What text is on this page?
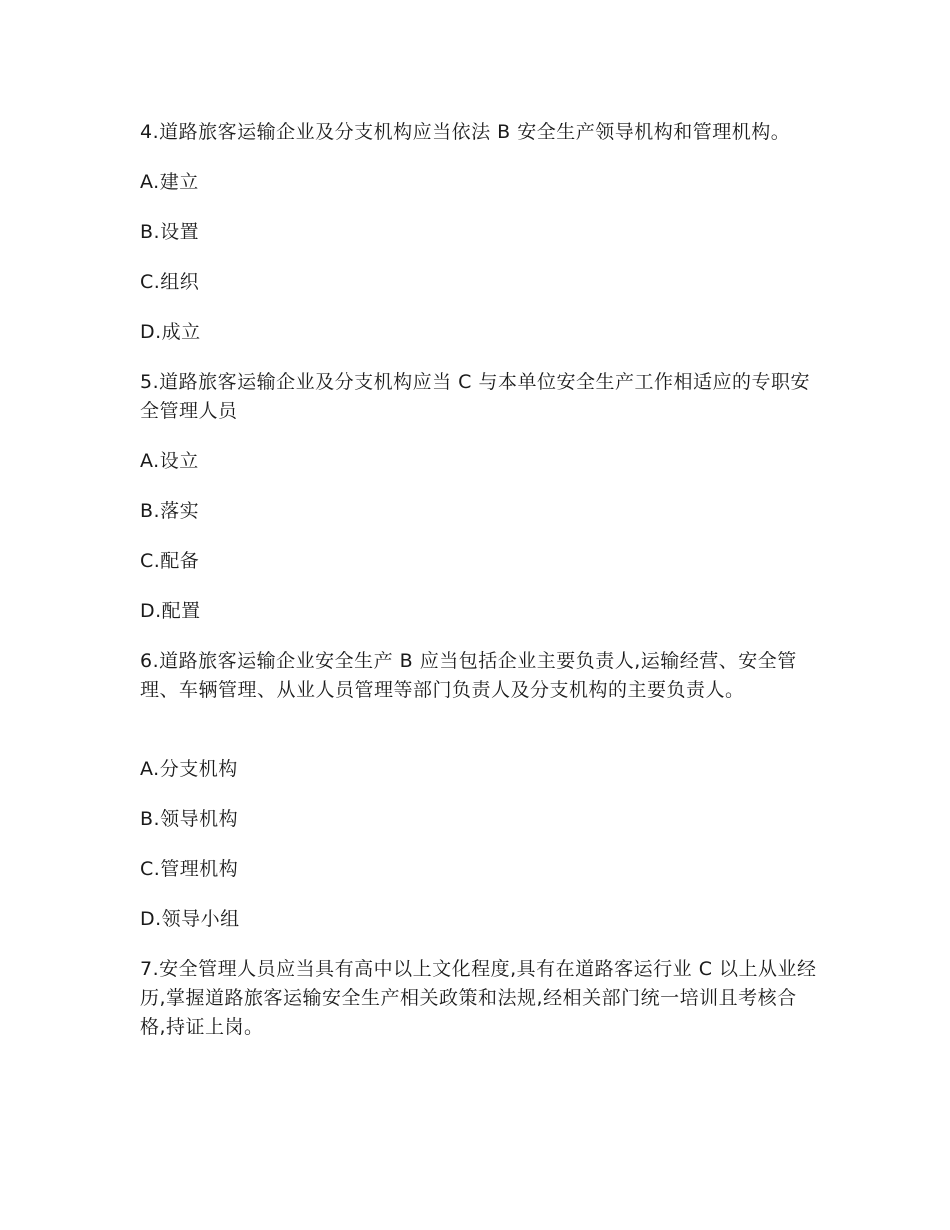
4.道路旅客运输企业及分支机构应当依法 B 安全生产领导机构和管理机构。

A.建立

B.设置

C.组织

D.成立

5.道路旅客运输企业及分支机构应当 C 与本单位安全生产工作相适应的专职安全管理人员

A.设立

B.落实

C.配备

D.配置

6.道路旅客运输企业安全生产 B 应当包括企业主要负责人,运输经营、安全管理、车辆管理、从业人员管理等部门负责人及分支机构的主要负责人。

A.分支机构

B.领导机构

C.管理机构

D.领导小组

7.安全管理人员应当具有高中以上文化程度,具有在道路客运行业 C 以上从业经历,掌握道路旅客运输安全生产相关政策和法规,经相关部门统一培训且考核合格,持证上岗。
